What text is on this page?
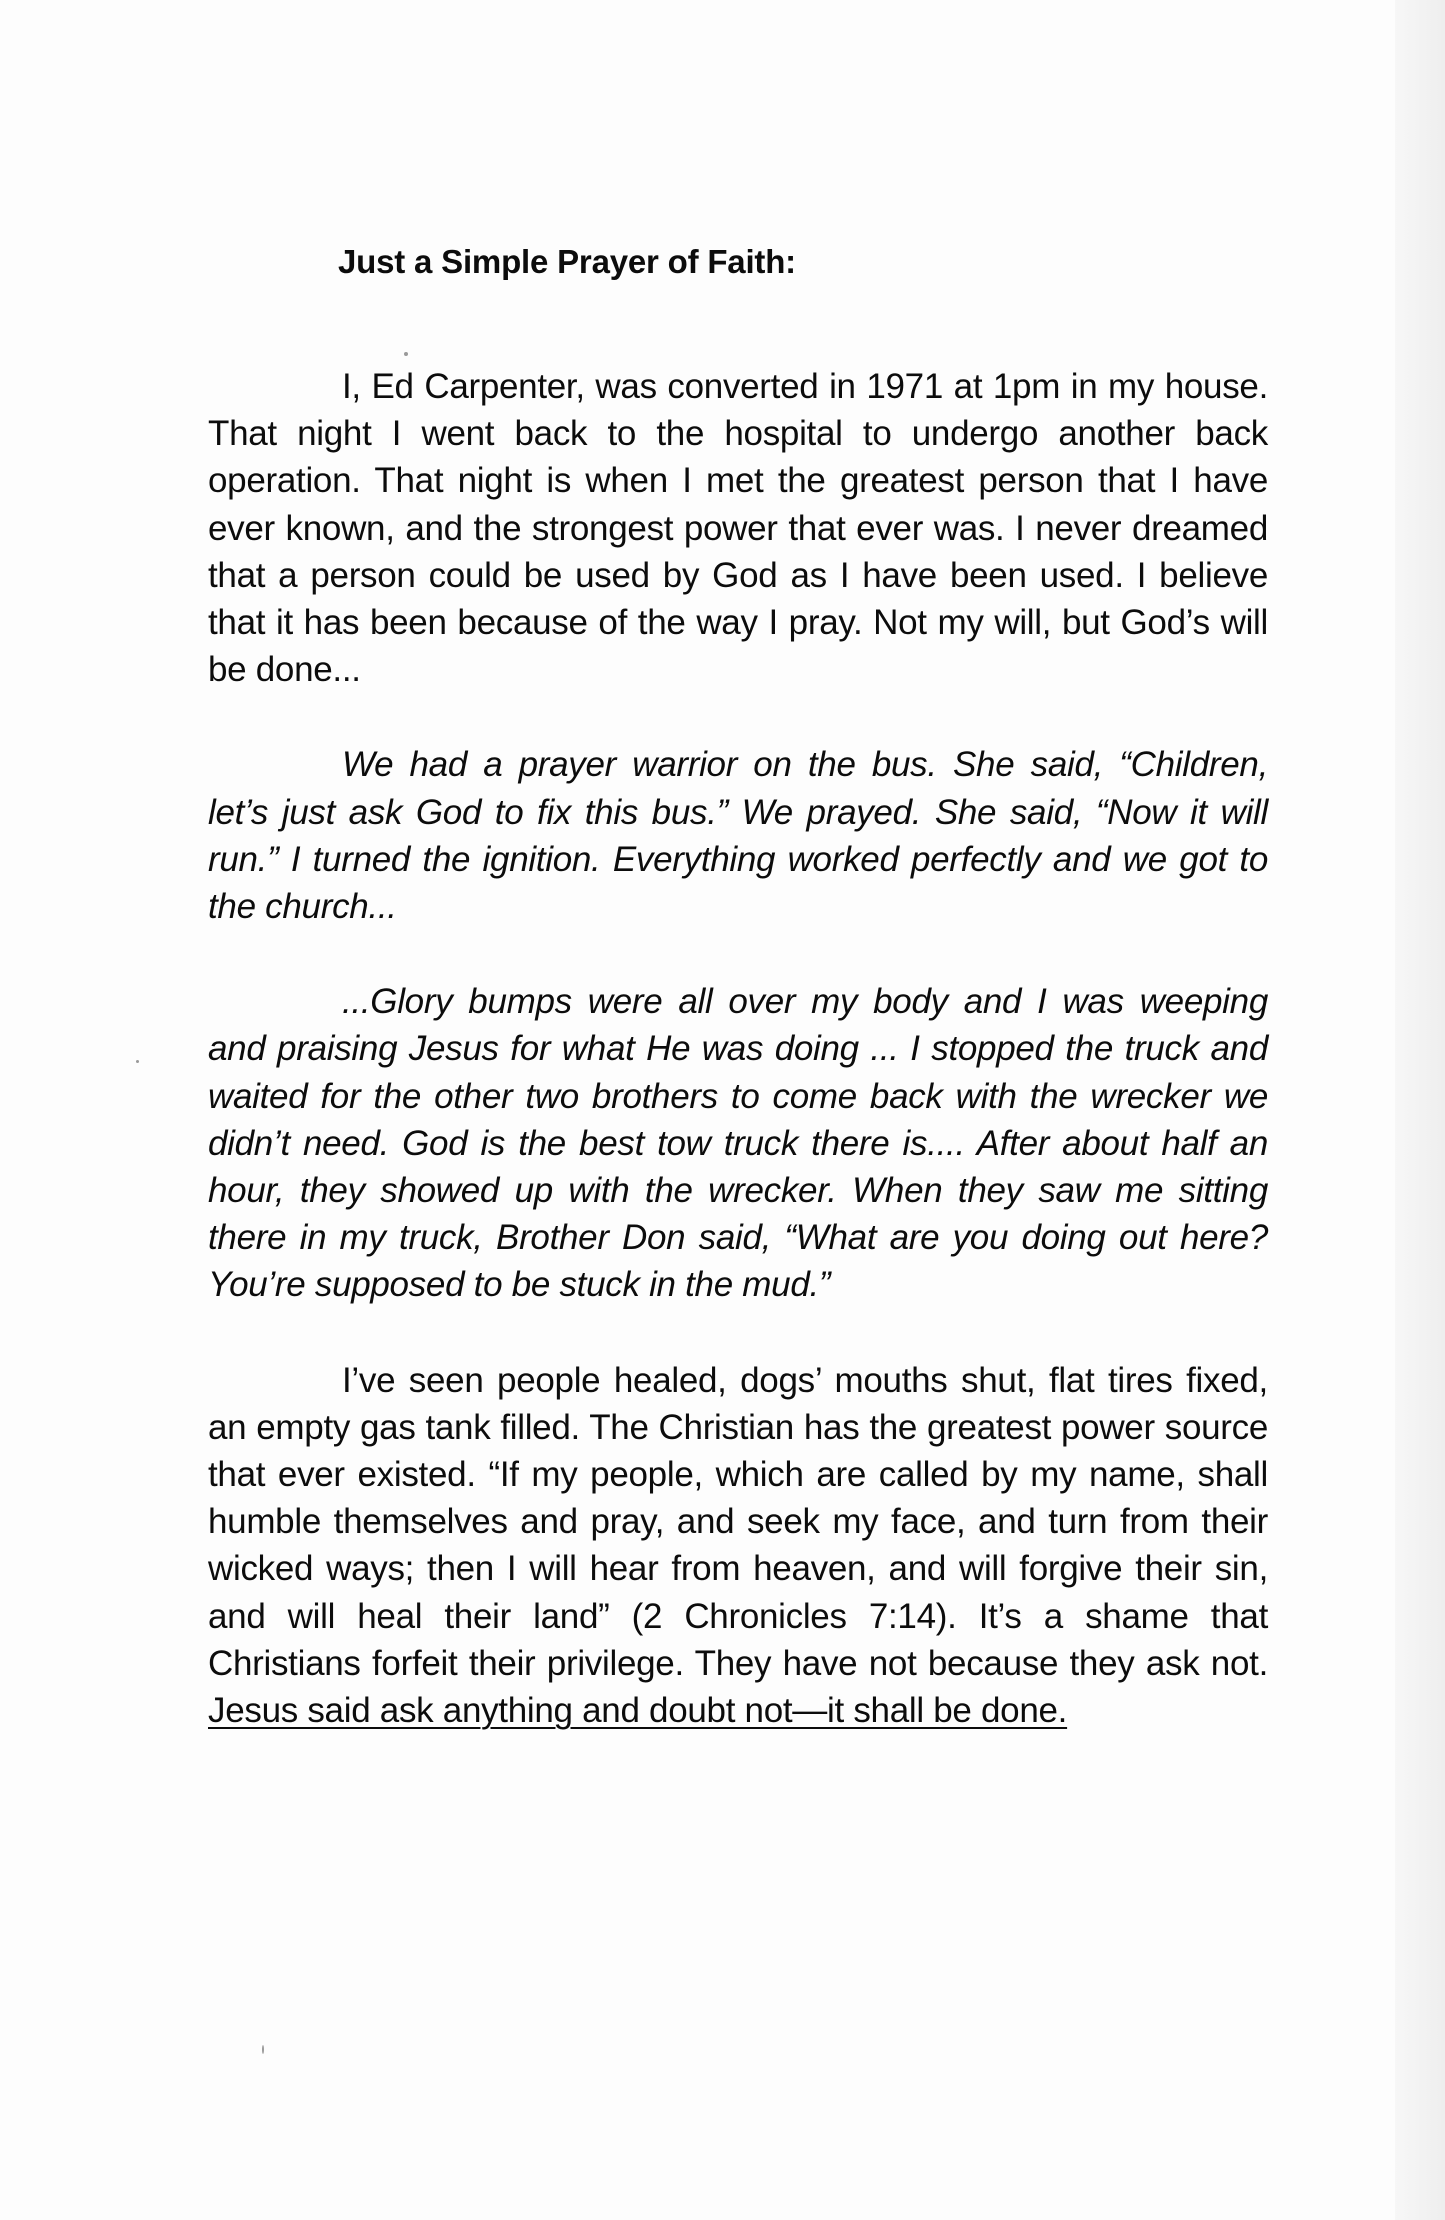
Just a Simple Prayer of Faith:

I, Ed Carpenter, was converted in 1971 at 1pm in my house. That night I went back to the hospital to undergo another back operation. That night is when I met the greatest person that I have ever known, and the strongest power that ever was. I never dreamed that a person could be used by God as I have been used. I believe that it has been because of the way I pray. Not my will, but God’s will be done...

We had a prayer warrior on the bus. She said, “Children, let’s just ask God to fix this bus.” We prayed. She said, “Now it will run.” I turned the ignition. Everything worked perfectly and we got to the church...

...Glory bumps were all over my body and I was weeping and praising Jesus for what He was doing ... I stopped the truck and waited for the other two brothers to come back with the wrecker we didn’t need. God is the best tow truck there is.... After about half an hour, they showed up with the wrecker. When they saw me sitting there in my truck, Brother Don said, “What are you doing out here? You’re supposed to be stuck in the mud.”

I’ve seen people healed, dogs’ mouths shut, flat tires fixed, an empty gas tank filled. The Christian has the greatest power source that ever existed. “If my people, which are called by my name, shall humble themselves and pray, and seek my face, and turn from their wicked ways; then I will hear from heaven, and will forgive their sin, and will heal their land” (2 Chronicles 7:14). It’s a shame that Christians forfeit their privilege. They have not because they ask not. Jesus said ask anything and doubt not—it shall be done.
